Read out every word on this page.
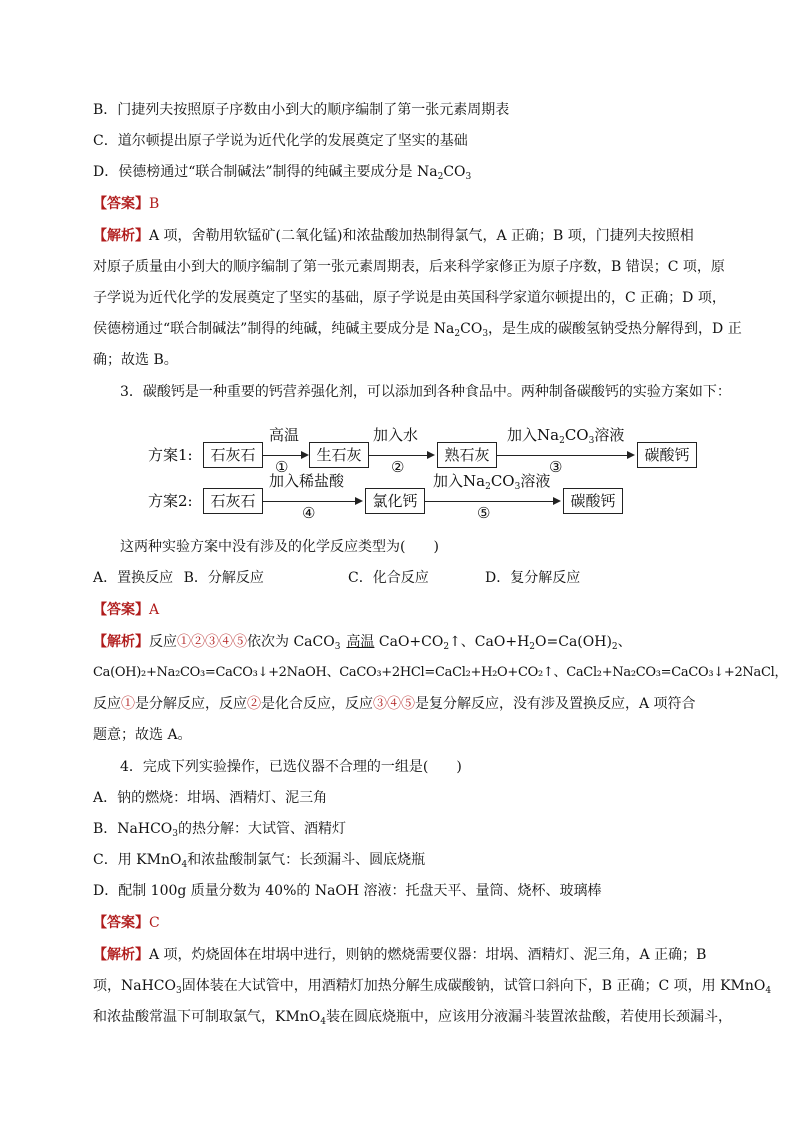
B．门捷列夫按照原子序数由小到大的顺序编制了第一张元素周期表
C．道尔顿提出原子学说为近代化学的发展奠定了坚实的基础
D．侯德榜通过“联合制碱法”制得的纯碱主要成分是 $Na_2CO_3$
【答案】B
【解析】A 项，舍勒用软锰矿(二氧化锰)和浓盐酸加热制得氯气，A 正确；B 项，门捷列夫按照相
对原子质量由小到大的顺序编制了第一张元素周期表，后来科学家修正为原子序数，B 错误；C 项，原
子学说为近代化学的发展奠定了坚实的基础，原子学说是由英国科学家道尔顿提出的，C 正确；D 项，
侯德榜通过“联合制碱法”制得的纯碱，纯碱主要成分是 $Na_2CO_3$，是生成的碳酸氢钠受热分解得到，D 正
确；故选 B。
3．碳酸钙是一种重要的钙营养强化剂，可以添加到各种食品中。两种制备碳酸钙的实验方案如下：
方案1:	石灰石
高温
①
生石灰
加入水
②
熟石灰
加入$Na_2CO_3$溶液
③
碳酸钙
方案2:	石灰石
加入稀盐酸
④
氯化钙
加入$Na_2CO_3$溶液
⑤
碳酸钙
这两种实验方案中没有涉及的化学反应类型为(　　)
A．置换反应 B．分解反应	C．化合反应	D．复分解反应
【答案】A
【解析】反应①②③④⑤依次为 CaCO$_3$ 高温 $CaO+CO_2↑$、$CaO+H_2O=Ca(OH)_2$、
Ca(OH)₂+Na₂CO₃=CaCO₃↓+2NaOH、CaCO₃+2HCl=CaCl₂+H₂O+CO₂↑、CaCl₂+Na₂CO₃=CaCO₃↓+2NaCl，
反应①是分解反应，反应②是化合反应，反应③④⑤是复分解反应，没有涉及置换反应，A 项符合
题意；故选 A。
4．完成下列实验操作，已选仪器不合理的一组是(　　)
A．钠的燃烧：坩埚、酒精灯、泥三角
B．NaHCO$_3$的热分解：大试管、酒精灯
C．用 KMnO$_4$和浓盐酸制氯气：长颈漏斗、圆底烧瓶
D．配制 100g 质量分数为 40%的 NaOH 溶液：托盘天平、量筒、烧杯、玻璃棒
【答案】C
【解析】A 项，灼烧固体在坩埚中进行，则钠的燃烧需要仪器：坩埚、酒精灯、泥三角，A 正确；B
项，NaHCO$_3$固体装在大试管中，用酒精灯加热分解生成碳酸钠，试管口斜向下，B 正确；C 项，用 KMnO$_4$
和浓盐酸常温下可制取氯气，KMnO$_4$装在圆底烧瓶中，应该用分液漏斗装置浓盐酸，若使用长颈漏斗，
